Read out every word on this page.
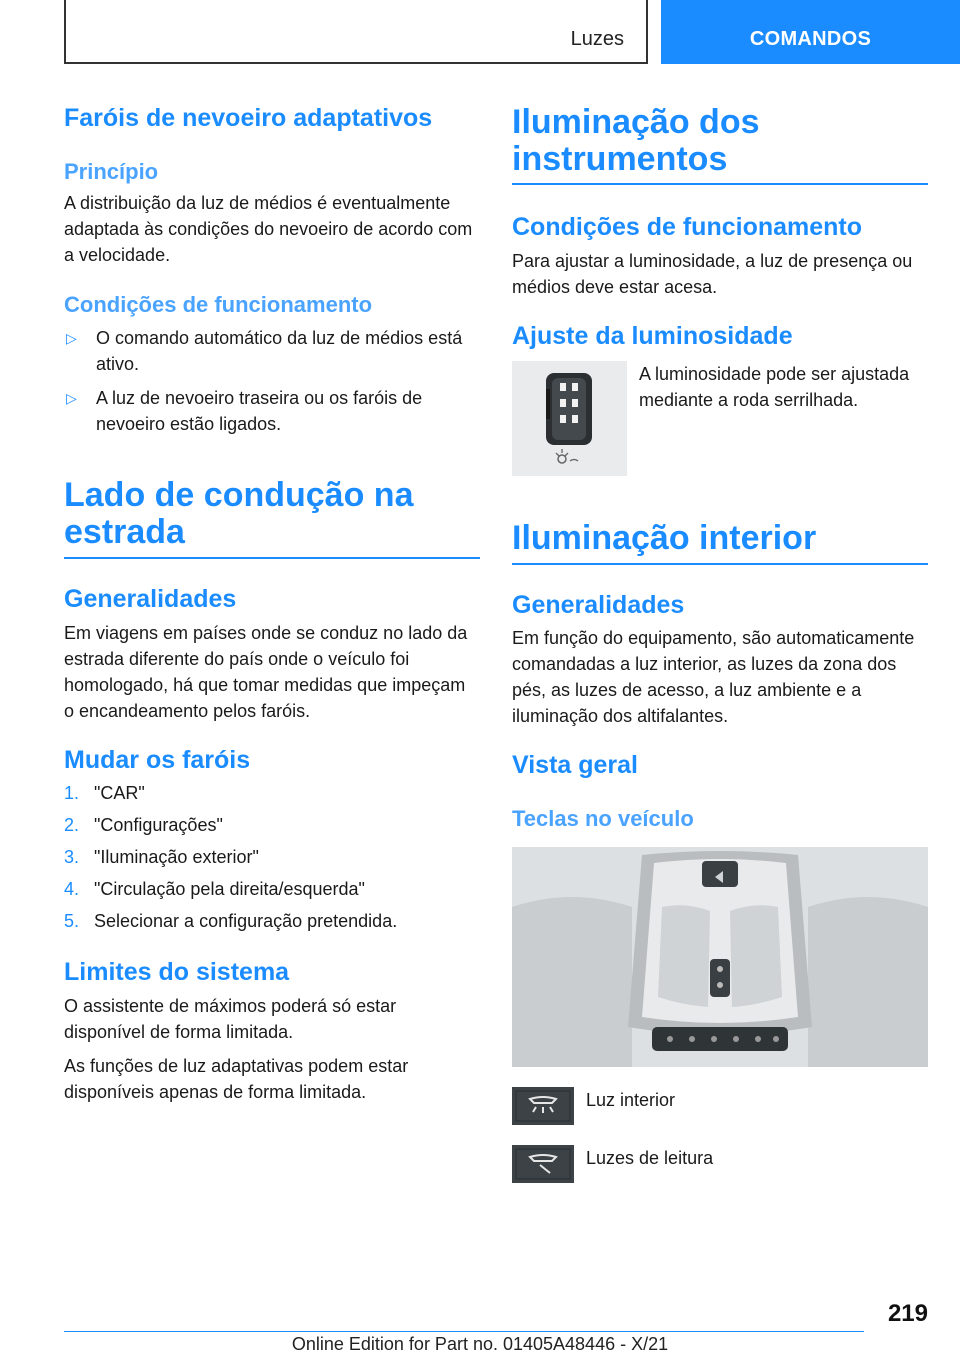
Luzes	COMANDOS
Faróis de nevoeiro adaptativos
Princípio

A distribuição da luz de médios é eventualmente adaptada às condições do nevoeiro de acordo com a velocidade.

Condições de funcionamento
▷	O comando automático da luz de médios está ativo.
▷	A luz de nevoeiro traseira ou os faróis de nevoeiro estão ligados.
Lado de condução na estrada
Generalidades

Em viagens em países onde se conduz no lado da estrada diferente do país onde o veículo foi homologado, há que tomar medidas que impeçam o encandeamento pelos faróis.

Mudar os faróis
1. "CAR"
2. "Configurações"
3. "Iluminação exterior"
4. "Circulação pela direita/esquerda"
5. Selecionar a configuração pretendida.
Limites do sistema

O assistente de máximos poderá só estar disponível de forma limitada.

As funções de luz adaptativas podem estar disponíveis apenas de forma limitada.

Iluminação dos instrumentos
Condições de funcionamento

Para ajustar a luminosidade, a luz de presença ou médios deve estar acesa.

Ajuste da luminosidade

A luminosidade pode ser ajustada mediante a roda serrilhada.

Iluminação interior
Generalidades

Em função do equipamento, são automaticamente comandadas a luz interior, as luzes da zona dos pés, as luzes de acesso, a luz ambiente e a iluminação dos altifalantes.

Vista geral
Teclas no veículo

Luz interior

Luzes de leitura

219
Online Edition for Part no. 01405A48446 - X/21
